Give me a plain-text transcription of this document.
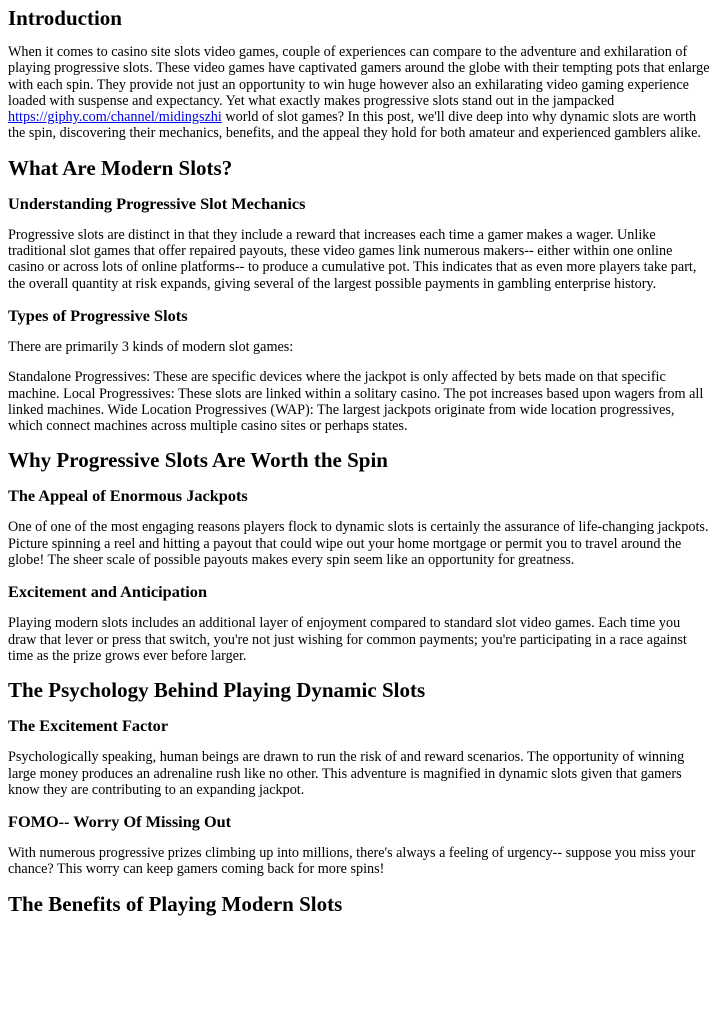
Introduction

When it comes to casino site slots video games, couple of experiences can compare to the adventure and exhilaration of playing progressive slots. These video games have captivated gamers around the globe with their tempting pots that enlarge with each spin. They provide not just an opportunity to win huge however also an exhilarating video gaming experience loaded with suspense and expectancy. Yet what exactly makes progressive slots stand out in the jampacked https://giphy.com/channel/midingszhi world of slot games? In this post, we'll dive deep into why dynamic slots are worth the spin, discovering their mechanics, benefits, and the appeal they hold for both amateur and experienced gamblers alike.

What Are Modern Slots?
Understanding Progressive Slot Mechanics

Progressive slots are distinct in that they include a reward that increases each time a gamer makes a wager. Unlike traditional slot games that offer repaired payouts, these video games link numerous makers-- either within one online casino or across lots of online platforms-- to produce a cumulative pot. This indicates that as even more players take part, the overall quantity at risk expands, giving several of the largest possible payments in gambling enterprise history.

Types of Progressive Slots

There are primarily 3 kinds of modern slot games:

Standalone Progressives: These are specific devices where the jackpot is only affected by bets made on that specific machine. Local Progressives: These slots are linked within a solitary casino. The pot increases based upon wagers from all linked machines. Wide Location Progressives (WAP): The largest jackpots originate from wide location progressives, which connect machines across multiple casino sites or perhaps states.

Why Progressive Slots Are Worth the Spin
The Appeal of Enormous Jackpots

One of one of the most engaging reasons players flock to dynamic slots is certainly the assurance of life-changing jackpots. Picture spinning a reel and hitting a payout that could wipe out your home mortgage or permit you to travel around the globe! The sheer scale of possible payouts makes every spin seem like an opportunity for greatness.

Excitement and Anticipation

Playing modern slots includes an additional layer of enjoyment compared to standard slot video games. Each time you draw that lever or press that switch, you're not just wishing for common payments; you're participating in a race against time as the prize grows ever before larger.

The Psychology Behind Playing Dynamic Slots
The Excitement Factor

Psychologically speaking, human beings are drawn to run the risk of and reward scenarios. The opportunity of winning large money produces an adrenaline rush like no other. This adventure is magnified in dynamic slots given that gamers know they are contributing to an expanding jackpot.

FOMO-- Worry Of Missing Out

With numerous progressive prizes climbing up into millions, there's always a feeling of urgency-- suppose you miss your chance? This worry can keep gamers coming back for more spins!

The Benefits of Playing Modern Slots
